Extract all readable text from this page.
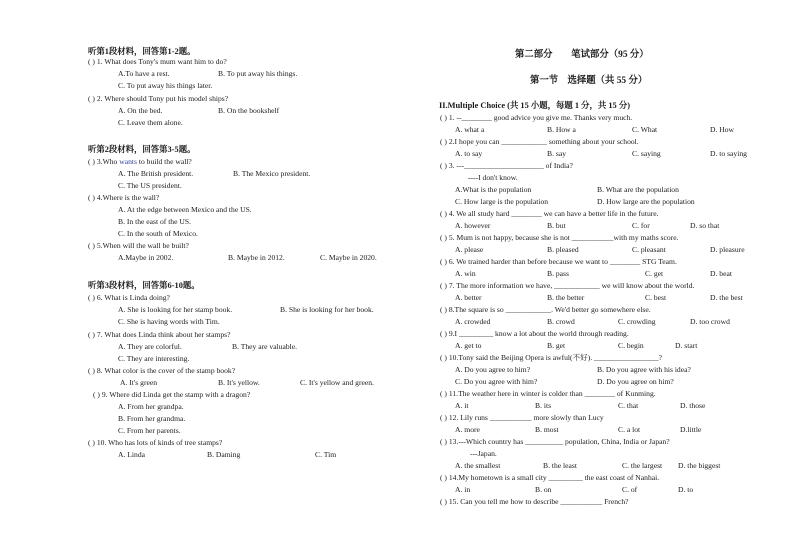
听第1段材料，回答第1-2题。
( ) 1. What does Tony's mum want him to do?
A.To have a rest.	B. To put away his things.
C. To put away his things later.
( ) 2. Where should Tony put his model ships?
A. On the bed.	B. On the bookshelf
C. Leave them alone.
听第2段材料，回答第3-5题。
( ) 3.Who wants to build the wall?
A. The British president.	B. The Mexico president.
C. The US president.
( ) 4.Where is the wall?
A. At the edge between Mexico and the US.
B. In the east of the US.
C. In the south of Mexico.
( ) 5.When will the wall be built?
A.Maybe in 2002.	B. Maybe in 2012.	C. Maybe in 2020.
听第3段材料，回答第6-10题。
( ) 6. What is Linda doing?
A. She is looking for her stamp book.	B. She is looking for her book.
C. She is having words with Tim.
( ) 7. What does Linda think about her stamps?
A. They are colorful.	B. They are valuable.
C. They are interesting.
( ) 8. What color is the cover of the stamp book?
A. It's green	B. It's yellow.	C. It's yellow and green.
( ) 9. Where did Linda get the stamp with a dragon?
A. From her grandpa.
B. From her grandma.
C. From her parents.
( ) 10. Who has lots of kinds of tree stamps?
A. Linda	B. Daming	C. Tim
第二部分　　笔试部分（95 分）
第一节　选择题（共 55 分）
II.Multiple Choice (共 15 小题，每题 1 分，共 15 分)
( ) 1. --________ good advice you give me. Thanks very much.
A. what a	B. How a	C. What	D. How
( ) 2.I hope you can ____________ something about your school.
A. to say	B. say	C. saying	D. to saying
( ) 3. ---_____________________ of India?
----I don't know.
A.What is the population	B. What are the population
C. How large is the population	D. How large are the population
( ) 4. We all study hard ________ we can have a better life in the future.
A. however	B. but	C. for	D. so that
( ) 5. Mum is not happy, because she is not ___________with my maths score.
A. please	B. pleased	C. pleasant	D. pleasure
( ) 6. We trained harder than before because we want to ________ STG Team.
A. win	B. pass	C. get	D. beat
( ) 7. The more information we have, ____________ we will know about the world.
A. better	B. the better	C. best	D. the best
( ) 8.The square is so ____________. We'd better go somewhere else.
A. crowded	B. crowd	C. crowding	D. too crowd
( ) 9.I _________ know a lot about the world through reading.
A. get to	B. get	C. begin	D. start
( ) 10.Tony said the Beijing Opera is awful(不好). _________________?
A. Do you agree to him?	B. Do you agree with his idea?
C. Do you agree with him?	D. Do you agree on him?
( ) 11.The weather here in winter is colder than ________ of Kunming.
A. it	B. its	C. that	D. those
( ) 12. Lily runs ___________ more slowly than Lucy
A. more	B. most	C. a lot	D.little
( ) 13.---Which country has __________ population, China, India or Japan?
---Japan.
A. the smallest	B. the least	C. the largest D. the biggest
( ) 14.My hometown is a small city _________ the east coast of Nanhai.
A. in	B. on	C. of	D. to
( ) 15. Can you tell me how to describe ___________ French?
